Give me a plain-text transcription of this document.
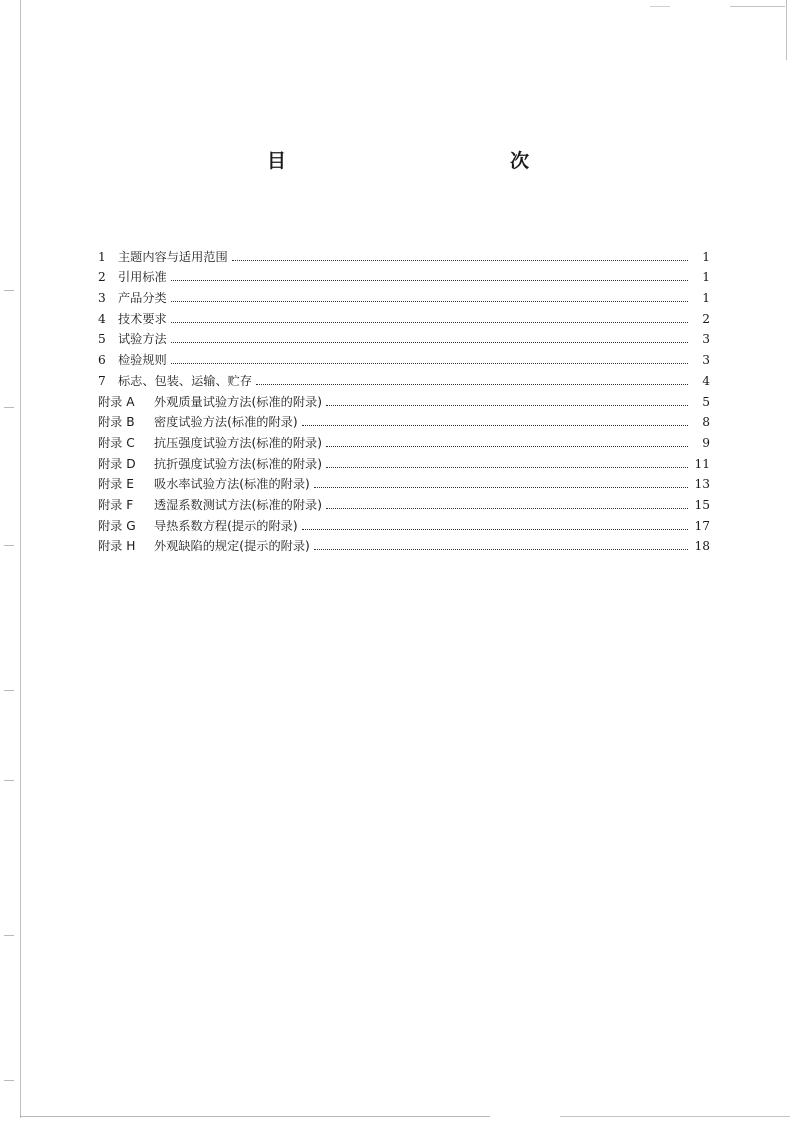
目　　次
1	主题内容与适用范围	1
2	引用标准	1
3	产品分类	1
4	技术要求	2
5	试验方法	3
6	检验规则	3
7	标志、包装、运输、贮存	4
附录 A	外观质量试验方法(标准的附录)	5
附录 B	密度试验方法(标准的附录)	8
附录 C	抗压强度试验方法(标准的附录)	9
附录 D	抗折强度试验方法(标准的附录)	11
附录 E	吸水率试验方法(标准的附录)	13
附录 F	透湿系数测试方法(标准的附录)	15
附录 G	导热系数方程(提示的附录)	17
附录 H	外观缺陷的规定(提示的附录)	18
